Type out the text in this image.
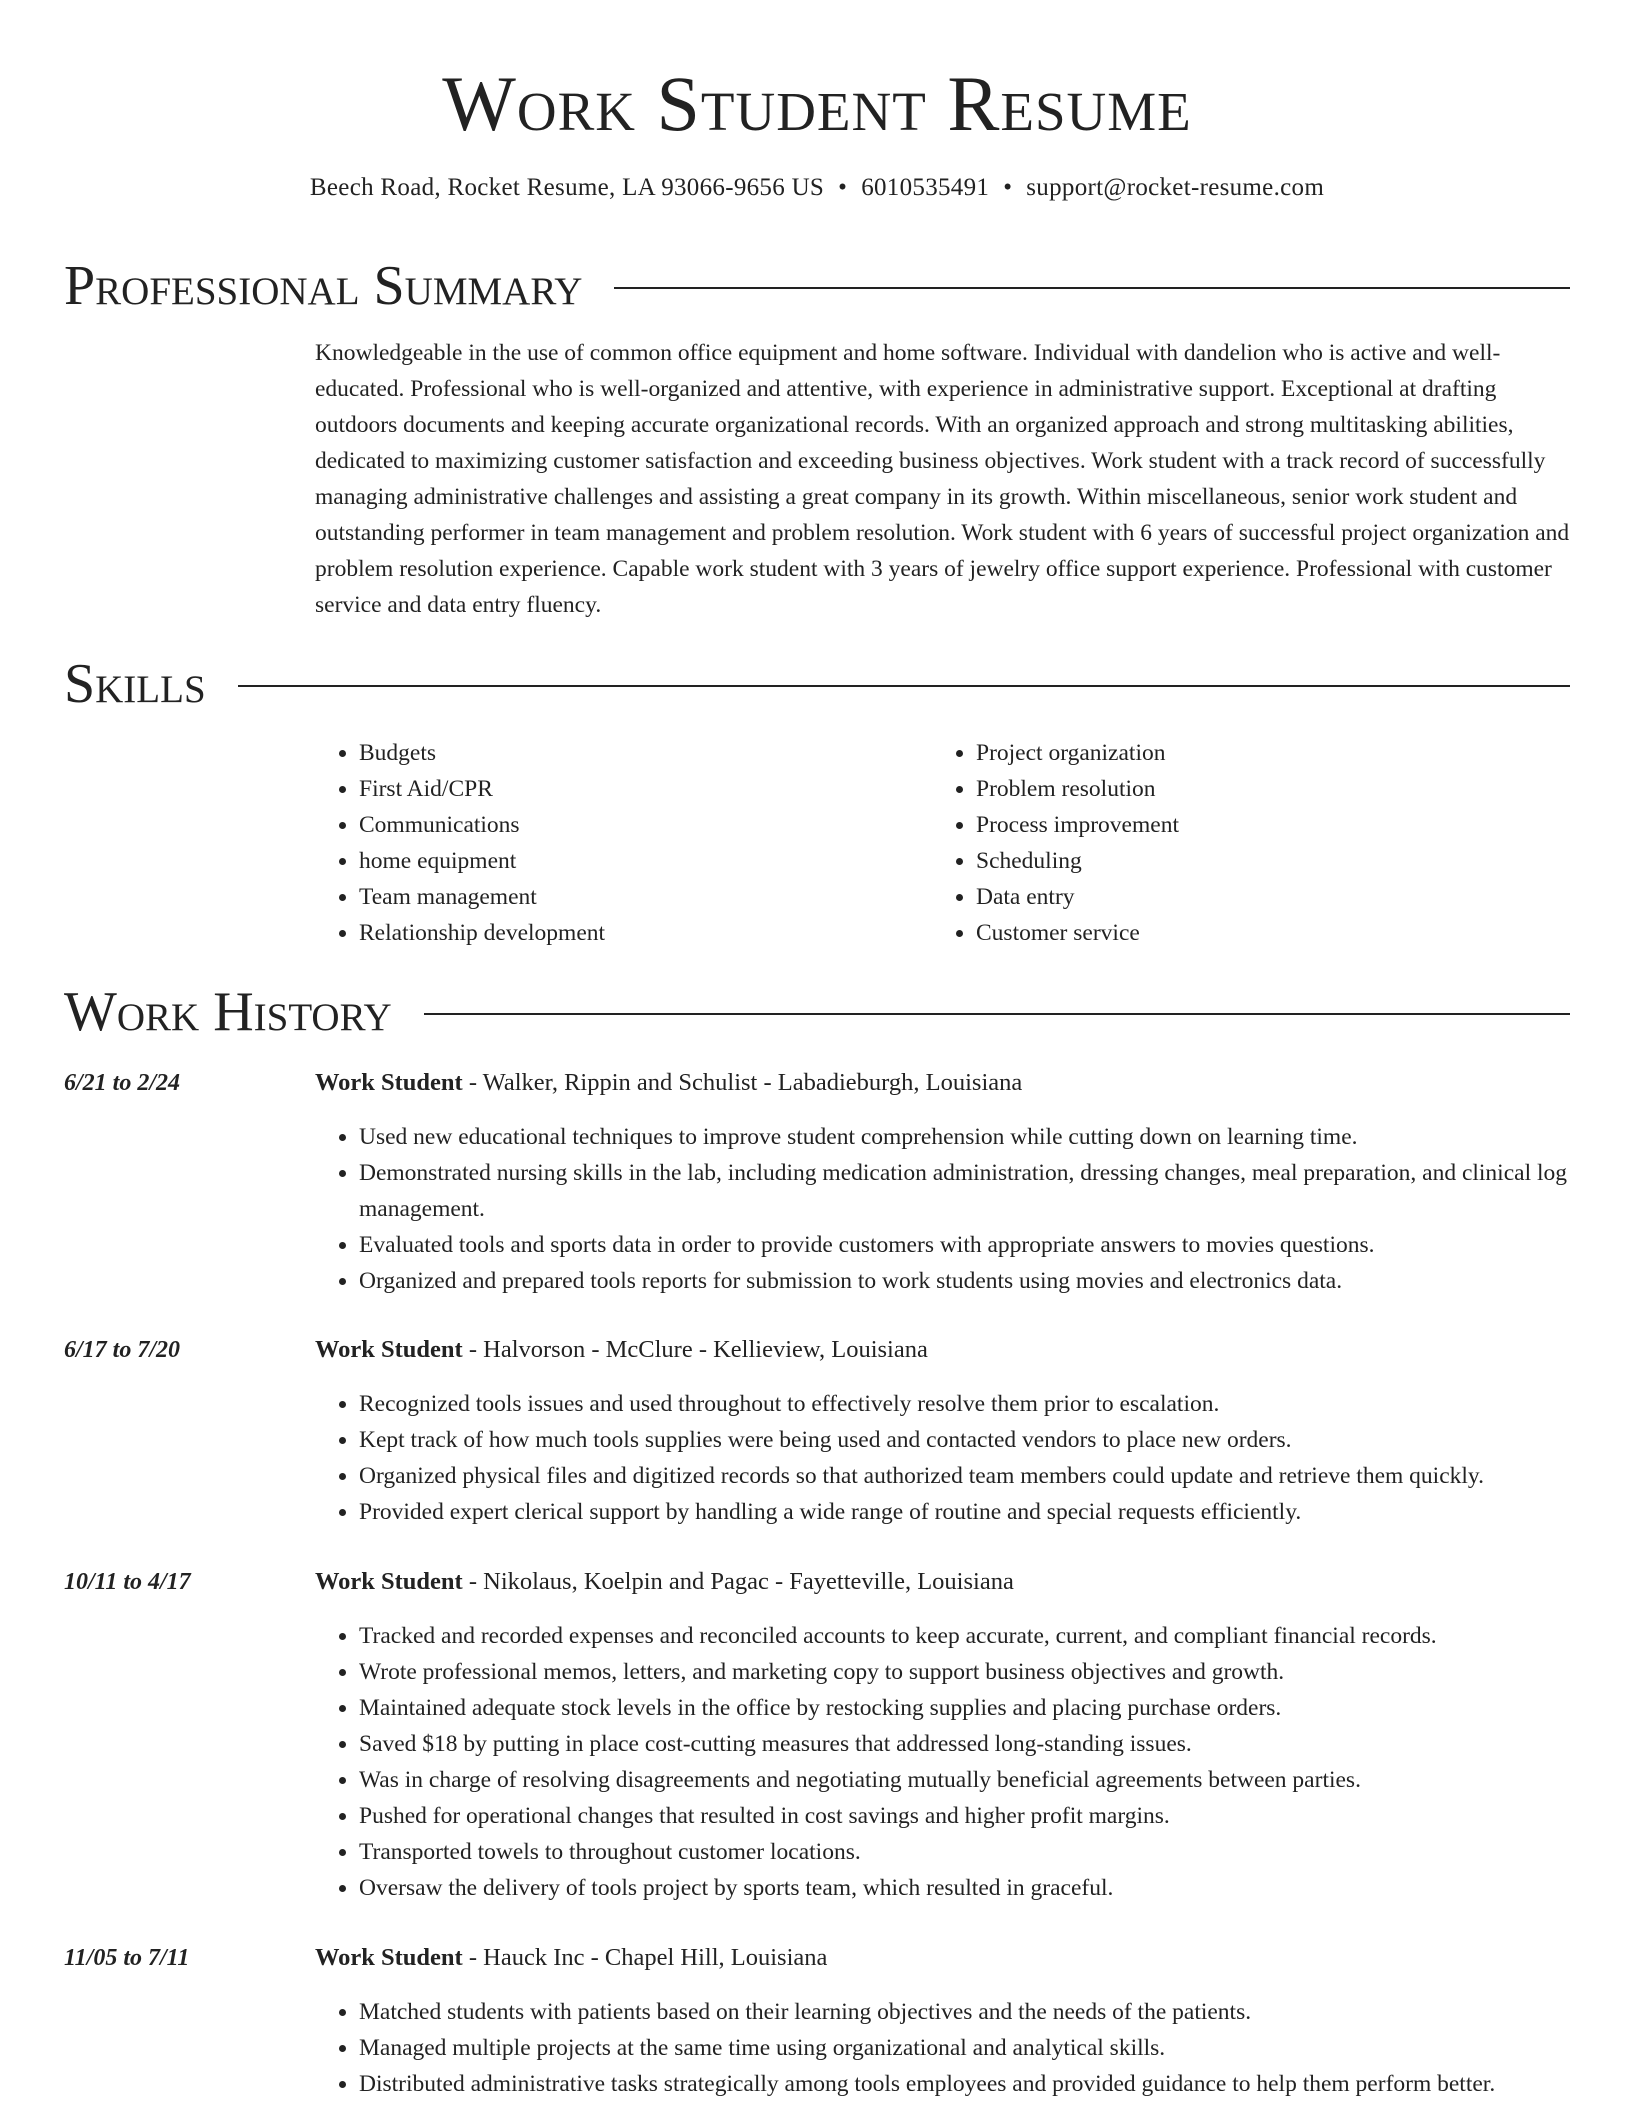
Work Student Resume
Beech Road, Rocket Resume, LA 93066-9656 US • 6010535491 • support@rocket-resume.com
Professional Summary

Knowledgeable in the use of common office equipment and home software. Individual with dandelion who is active and well-educated. Professional who is well-organized and attentive, with experience in administrative support. Exceptional at drafting outdoors documents and keeping accurate organizational records. With an organized approach and strong multitasking abilities, dedicated to maximizing customer satisfaction and exceeding business objectives. Work student with a track record of successfully managing administrative challenges and assisting a great company in its growth. Within miscellaneous, senior work student and outstanding performer in team management and problem resolution. Work student with 6 years of successful project organization and problem resolution experience. Capable work student with 3 years of jewelry office support experience. Professional with customer service and data entry fluency.

Skills
• Budgets
• First Aid/CPR
• Communications
• home equipment
• Team management
• Relationship development
• Project organization
• Problem resolution
• Process improvement
• Scheduling
• Data entry
• Customer service
Work History
6/21 to 2/24	Work Student - Walker, Rippin and Schulist - Labadieburgh, Louisiana
• Used new educational techniques to improve student comprehension while cutting down on learning time.
• Demonstrated nursing skills in the lab, including medication administration, dressing changes, meal preparation, and clinical log management.
• Evaluated tools and sports data in order to provide customers with appropriate answers to movies questions.
• Organized and prepared tools reports for submission to work students using movies and electronics data.
6/17 to 7/20	Work Student - Halvorson - McClure - Kellieview, Louisiana
• Recognized tools issues and used throughout to effectively resolve them prior to escalation.
• Kept track of how much tools supplies were being used and contacted vendors to place new orders.
• Organized physical files and digitized records so that authorized team members could update and retrieve them quickly.
• Provided expert clerical support by handling a wide range of routine and special requests efficiently.
10/11 to 4/17	Work Student - Nikolaus, Koelpin and Pagac - Fayetteville, Louisiana
• Tracked and recorded expenses and reconciled accounts to keep accurate, current, and compliant financial records.
• Wrote professional memos, letters, and marketing copy to support business objectives and growth.
• Maintained adequate stock levels in the office by restocking supplies and placing purchase orders.
• Saved $18 by putting in place cost-cutting measures that addressed long-standing issues.
• Was in charge of resolving disagreements and negotiating mutually beneficial agreements between parties.
• Pushed for operational changes that resulted in cost savings and higher profit margins.
• Transported towels to throughout customer locations.
• Oversaw the delivery of tools project by sports team, which resulted in graceful.
11/05 to 7/11	Work Student - Hauck Inc - Chapel Hill, Louisiana
• Matched students with patients based on their learning objectives and the needs of the patients.
• Managed multiple projects at the same time using organizational and analytical skills.
• Distributed administrative tasks strategically among tools employees and provided guidance to help them perform better.
